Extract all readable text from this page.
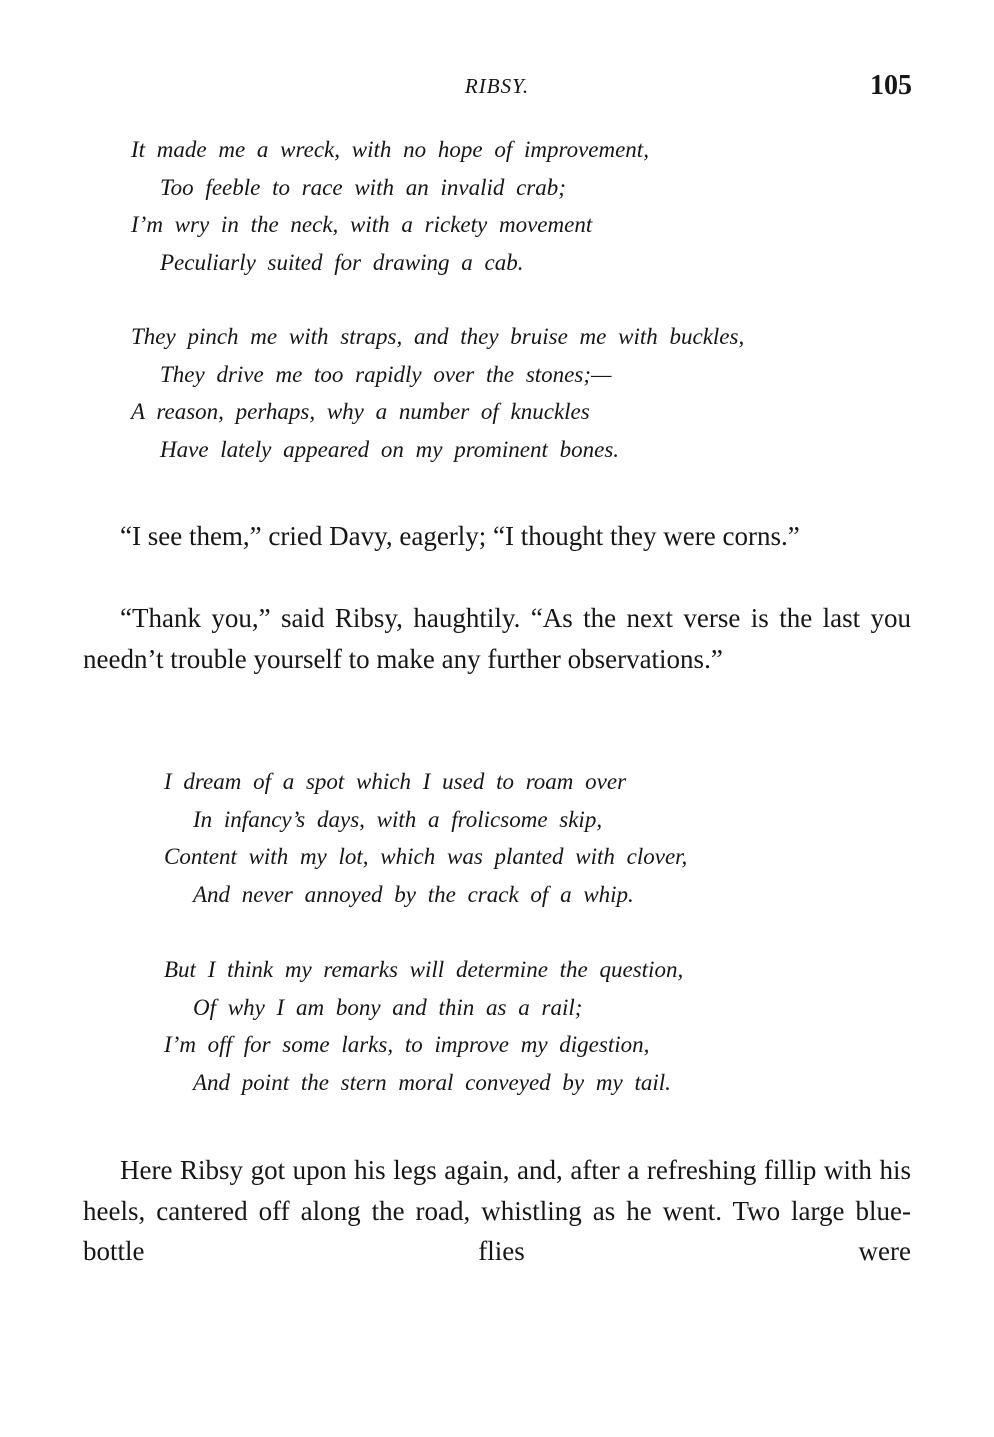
RIBSY.	105
It made me a wreck, with no hope of improvement,
Too feeble to race with an invalid crab;
I’m wry in the neck, with a rickety movement
Peculiarly suited for drawing a cab.
They pinch me with straps, and they bruise me with buckles,
They drive me too rapidly over the stones;—
A reason, perhaps, why a number of knuckles
Have lately appeared on my prominent bones.

“I see them,” cried Davy, eagerly; “I thought they were corns.”

“Thank you,” said Ribsy, haughtily. “As the next verse is the last you needn’t trouble yourself to make any further observations.”

I dream of a spot which I used to roam over
In infancy’s days, with a frolicsome skip,
Content with my lot, which was planted with clover,
And never annoyed by the crack of a whip.
But I think my remarks will determine the question,
Of why I am bony and thin as a rail;
I’m off for some larks, to improve my digestion,
And point the stern moral conveyed by my tail.

Here Ribsy got upon his legs again, and, after a refreshing fillip with his heels, cantered off along the road, whistling as he went. Two large blue-bottle flies were
